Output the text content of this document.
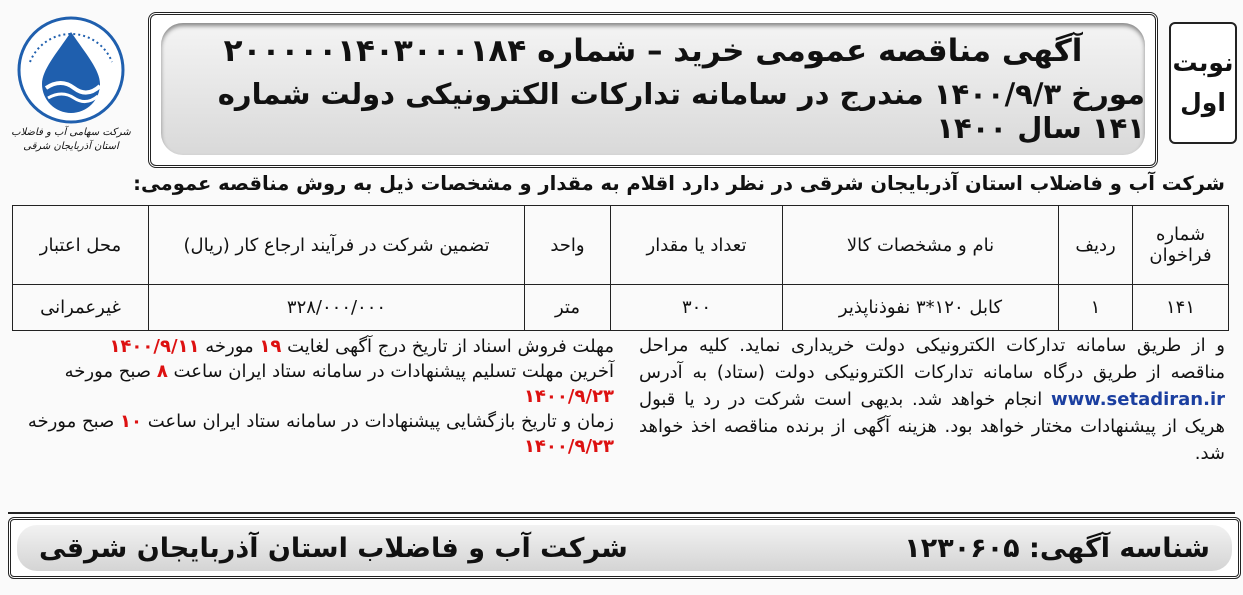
نوبت
اول
آگهی مناقصه عمومی خرید – شماره ۲۰۰۰۰۰۱۴۰۳۰۰۰۱۸۴
مورخ ۱۴۰۰/۹/۳ مندرج در سامانه تدارکات الکترونیکی دولت شماره ۱۴۱ سال ۱۴۰۰
شرکت سهامی آب و فاضلاب
استان آذربایجان شرقی
شرکت آب و فاضلاب استان آذربایجان شرقی در نظر دارد اقلام به مقدار و مشخصات ذیل به روش مناقصه عمومی:
شماره فراخوان	ردیف	نام و مشخصات کالا	تعداد یا مقدار	واحد	تضمین شرکت در فرآیند ارجاع کار (ریال)	محل اعتبار
۱۴۱	۱	کابل ۱۲۰*۳ نفوذناپذیر	۳۰۰	متر	۳۲۸/۰۰۰/۰۰۰	غیرعمرانی
و از طریق سامانه تدارکات الکترونیکی دولت خریداری نماید. کلیه مراحل مناقصه از طریق درگاه سامانه تدارکات الکترونیکی دولت (ستاد) به آدرس www.setadiran.ir انجام خواهد شد. بدیهی است شرکت در رد یا قبول هریک از پیشنهادات مختار خواهد بود. هزینه آگهی از برنده مناقصه اخذ خواهد شد.

مهلت فروش اسناد از تاریخ درج آگهی لغایت ۱۹ مورخه ۱۴۰۰/۹/۱۱

آخرین مهلت تسلیم پیشنهادات در سامانه ستاد ایران ساعت ۸ صبح مورخه ۱۴۰۰/۹/۲۳

زمان و تاریخ بازگشایی پیشنهادات در سامانه ستاد ایران ساعت ۱۰ صبح مورخه ۱۴۰۰/۹/۲۳

شناسه آگهی: ۱۲۳۰۶۰۵
شرکت آب و فاضلاب استان آذربایجان شرقی
